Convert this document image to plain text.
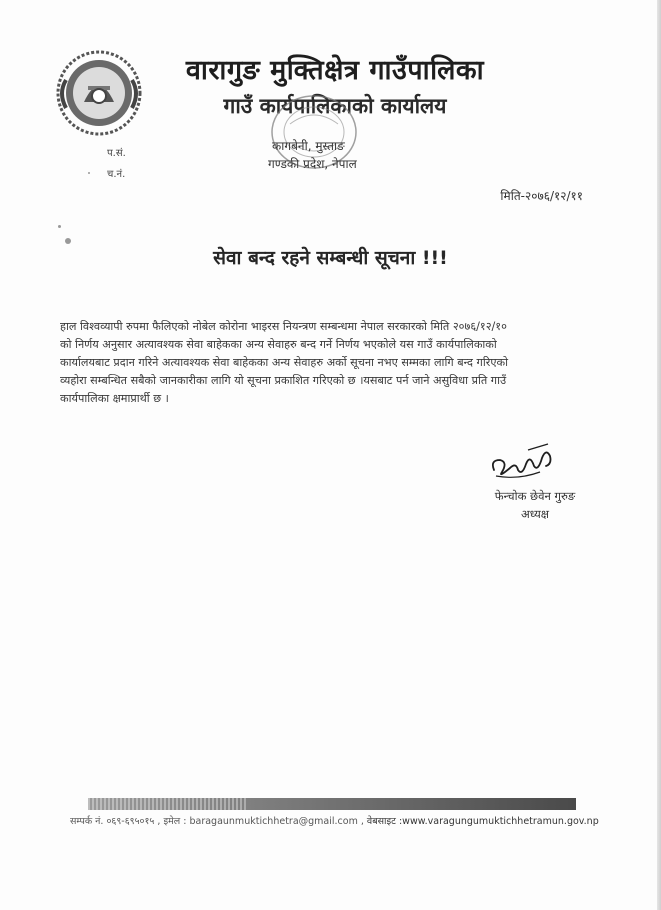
वारागुङ मुक्तिक्षेत्र गाउँपालिका
गाउँ कार्यपालिकाको कार्यालय
कागबेनी, मुस्ताङ
गण्डकी प्रदेश, नेपाल
प.सं.
च.नं.
मिति-२०७६/१२/११
सेवा बन्द रहने सम्बन्धी सूचना !!!
हाल विश्वव्यापी रुपमा फैलिएको नोबेल कोरोना भाइरस नियन्त्रण सम्बन्धमा नेपाल सरकारको मिति २०७६/१२/१०
को निर्णय अनुसार अत्यावश्यक सेवा बाहेकका अन्य सेवाहरु बन्द गर्ने निर्णय भएकोले यस गाउँ कार्यपालिकाको
कार्यालयबाट प्रदान गरिने अत्यावश्यक सेवा बाहेकका अन्य सेवाहरु अर्को सूचना नभए सम्मका लागि बन्द गरिएको
व्यहोरा सम्बन्धित सबैको जानकारीका लागि यो सूचना प्रकाशित गरिएको छ ।यसबाट पर्न जाने असुविधा प्रति गाउँ
कार्यपालिका क्षमाप्रार्थी छ ।
फेन्चोक छेवेन गुरुङ
अध्यक्ष
सम्पर्क नं. ०६९-६९५०१५ , इमेल : baragaunmuktichhetra@gmail.com , वेबसाइट :www.varagungumuktichhetramun.gov.np
